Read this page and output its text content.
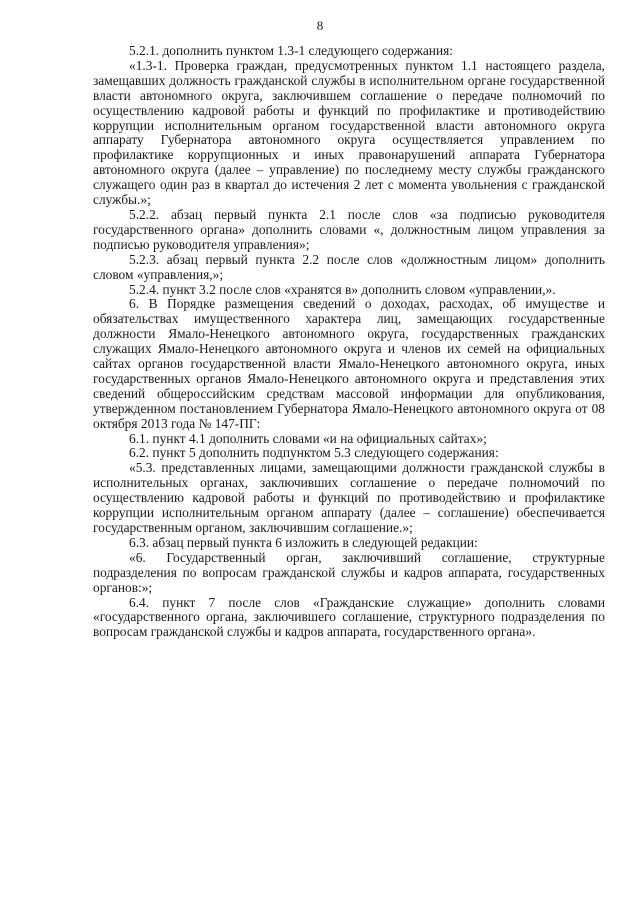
8

5.2.1. дополнить пунктом 1.3-1 следующего содержания:

«1.3-1. Проверка граждан, предусмотренных пунктом 1.1 настоящего раздела, замещавших должность гражданской службы в исполнительном органе государственной власти автономного округа, заключившем соглашение о передаче полномочий по осуществлению кадровой работы и функций по профилактике и противодействию коррупции исполнительным органом государственной власти автономного округа аппарату Губернатора автономного округа осуществляется управлением по профилактике коррупционных и иных правонарушений аппарата Губернатора автономного округа (далее – управление) по последнему месту службы гражданского служащего один раз в квартал до истечения 2 лет с момента увольнения с гражданской службы.»;

5.2.2. абзац первый пункта 2.1 после слов «за подписью руководителя государственного органа» дополнить словами «, должностным лицом управления за подписью руководителя управления»;

5.2.3. абзац первый пункта 2.2 после слов «должностным лицом» дополнить словом «управления,»;

5.2.4. пункт 3.2 после слов «хранятся в» дополнить словом «управлении,».

6. В Порядке размещения сведений о доходах, расходах, об имуществе и обязательствах имущественного характера лиц, замещающих государственные должности Ямало-Ненецкого автономного округа, государственных гражданских служащих Ямало-Ненецкого автономного округа и членов их семей на официальных сайтах органов государственной власти Ямало-Ненецкого автономного округа, иных государственных органов Ямало-Ненецкого автономного округа и представления этих сведений общероссийским средствам массовой информации для опубликования, утвержденном постановлением Губернатора Ямало-Ненецкого автономного округа от 08 октября 2013 года № 147-ПГ:

6.1. пункт 4.1 дополнить словами «и на официальных сайтах»;

6.2. пункт 5 дополнить подпунктом 5.3 следующего содержания:

«5.3. представленных лицами, замещающими должности гражданской службы в исполнительных органах, заключивших соглашение о передаче полномочий по осуществлению кадровой работы и функций по противодействию и профилактике коррупции исполнительным органом аппарату (далее – соглашение) обеспечивается государственным органом, заключившим соглашение.»;

6.3. абзац первый пункта 6 изложить в следующей редакции:

«6. Государственный орган, заключивший соглашение, структурные подразделения по вопросам гражданской службы и кадров аппарата, государственных органов:»;

6.4. пункт 7 после слов «Гражданские служащие» дополнить словами «государственного органа, заключившего соглашение, структурного подразделения по вопросам гражданской службы и кадров аппарата, государственного органа».
